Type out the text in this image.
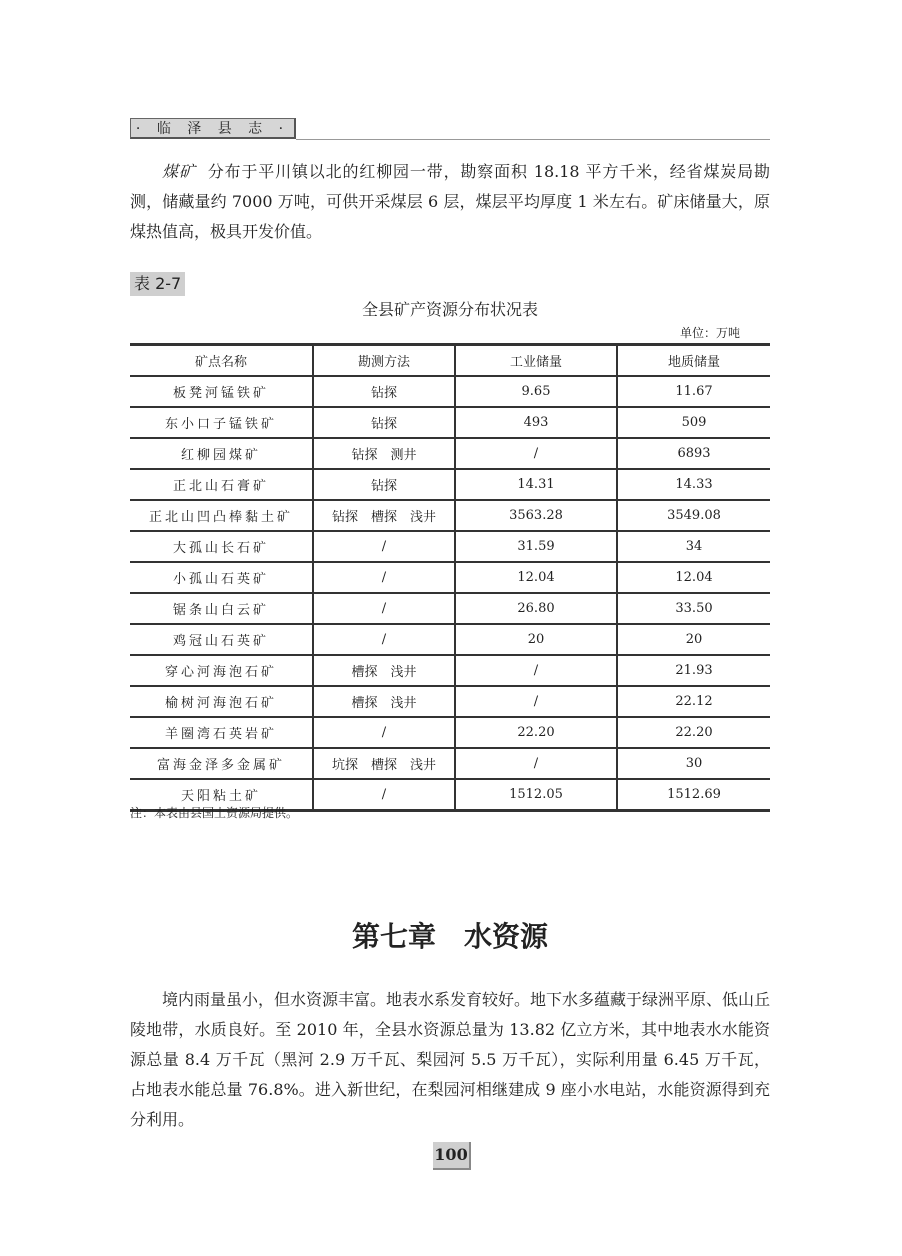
· 临 泽 县 志 ·

煤矿 分布于平川镇以北的红柳园一带，勘察面积 18.18 平方千米，经省煤炭局勘测，储藏量约 7000 万吨，可供开采煤层 6 层，煤层平均厚度 1 米左右。矿床储量大，原煤热值高，极具开发价值。

表 2-7
全县矿产资源分布状况表
单位：万吨
矿点名称	勘测方法	工业储量	地质储量
板凳河锰铁矿	钻探	9.65	11.67
东小口子锰铁矿	钻探	493	509
红柳园煤矿	钻探　测井	/	6893
正北山石膏矿	钻探	14.31	14.33
正北山凹凸棒黏土矿	钻探　槽探　浅井	3563.28	3549.08
大孤山长石矿	/	31.59	34
小孤山石英矿	/	12.04	12.04
锯条山白云矿	/	26.80	33.50
鸡冠山石英矿	/	20	20
穿心河海泡石矿	槽探　浅井	/	21.93
榆树河海泡石矿	槽探　浅井	/	22.12
羊圈湾石英岩矿	/	22.20	22.20
富海金泽多金属矿	坑探　槽探　浅井	/	30
天阳粘土矿	/	1512.05	1512.69
注：本表由县国土资源局提供。
第七章　水资源

境内雨量虽小，但水资源丰富。地表水系发育较好。地下水多蕴藏于绿洲平原、低山丘陵地带，水质良好。至 2010 年，全县水资源总量为 13.82 亿立方米，其中地表水水能资源总量 8.4 万千瓦（黑河 2.9 万千瓦、梨园河 5.5 万千瓦），实际利用量 6.45 万千瓦，占地表水能总量 76.8%。进入新世纪，在梨园河相继建成 9 座小水电站，水能资源得到充分利用。

100
